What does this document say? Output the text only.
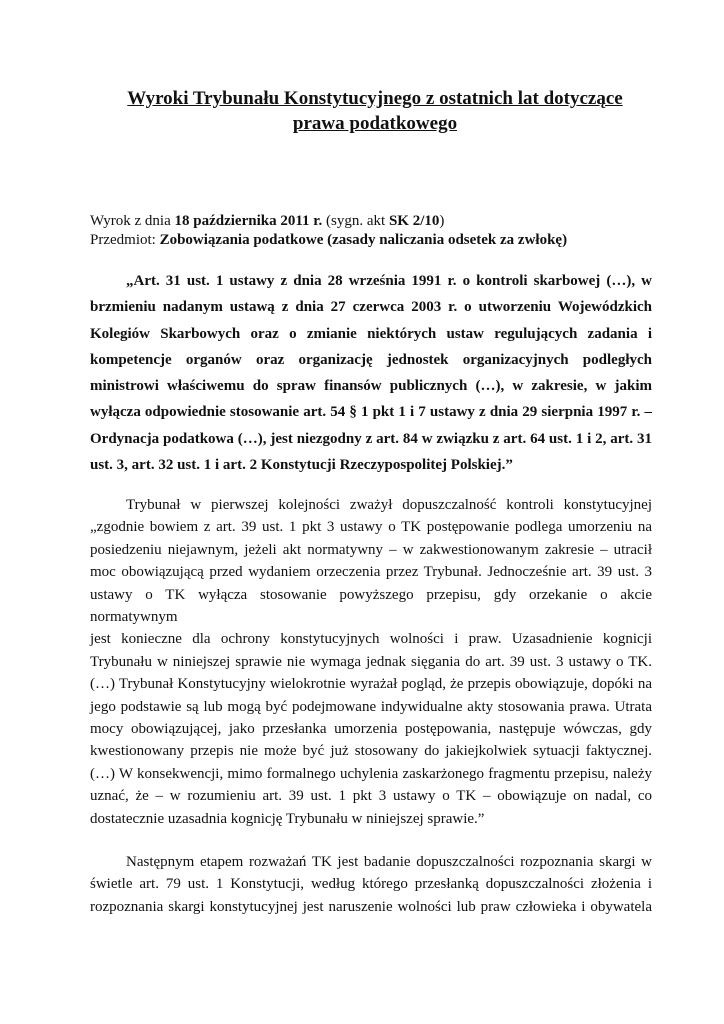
Wyroki Trybunału Konstytucyjnego z ostatnich lat dotyczące
prawa podatkowego
Wyrok z dnia 18 października 2011 r. (sygn. akt SK 2/10)
Przedmiot: Zobowiązania podatkowe (zasady naliczania odsetek za zwłokę)
„Art. 31 ust. 1 ustawy z dnia 28 września 1991 r. o kontroli skarbowej (…), w
brzmieniu nadanym ustawą z dnia 27 czerwca 2003 r. o utworzeniu Wojewódzkich
Kolegiów Skarbowych oraz o zmianie niektórych ustaw regulujących zadania i
kompetencje organów oraz organizację jednostek organizacyjnych podległych
ministrowi właściwemu do spraw finansów publicznych (…), w zakresie, w jakim
wyłącza odpowiednie stosowanie art. 54 § 1 pkt 1 i 7 ustawy z dnia 29 sierpnia 1997 r. –
Ordynacja podatkowa (…), jest niezgodny z art. 84 w związku z art. 64 ust. 1 i 2, art. 31
ust. 3, art. 32 ust. 1 i art. 2 Konstytucji Rzeczypospolitej Polskiej.”
Trybunał w pierwszej kolejności zważył dopuszczalność kontroli konstytucyjnej
„zgodnie bowiem z art. 39 ust. 1 pkt 3 ustawy o TK postępowanie podlega umorzeniu na
posiedzeniu niejawnym, jeżeli akt normatywny – w zakwestionowanym zakresie – utracił
moc obowiązującą przed wydaniem orzeczenia przez Trybunał. Jednocześnie art. 39 ust. 3
ustawy o TK wyłącza stosowanie powyższego przepisu, gdy orzekanie o akcie normatywnym
jest konieczne dla ochrony konstytucyjnych wolności i praw. Uzasadnienie kognicji
Trybunału w niniejszej sprawie nie wymaga jednak sięgania do art. 39 ust. 3 ustawy o TK.
(…) Trybunał Konstytucyjny wielokrotnie wyrażał pogląd, że przepis obowiązuje, dopóki na
jego podstawie są lub mogą być podejmowane indywidualne akty stosowania prawa. Utrata
mocy obowiązującej, jako przesłanka umorzenia postępowania, następuje wówczas, gdy
kwestionowany przepis nie może być już stosowany do jakiejkolwiek sytuacji faktycznej.
(…) W konsekwencji, mimo formalnego uchylenia zaskarżonego fragmentu przepisu, należy
uznać, że – w rozumieniu art. 39 ust. 1 pkt 3 ustawy o TK – obowiązuje on nadal, co
dostatecznie uzasadnia kognicję Trybunału w niniejszej sprawie.”
Następnym etapem rozważań TK jest badanie dopuszczalności rozpoznania skargi w
świetle art. 79 ust. 1 Konstytucji, według którego przesłanką dopuszczalności złożenia i
rozpoznania skargi konstytucyjnej jest naruszenie wolności lub praw człowieka i obywatela
